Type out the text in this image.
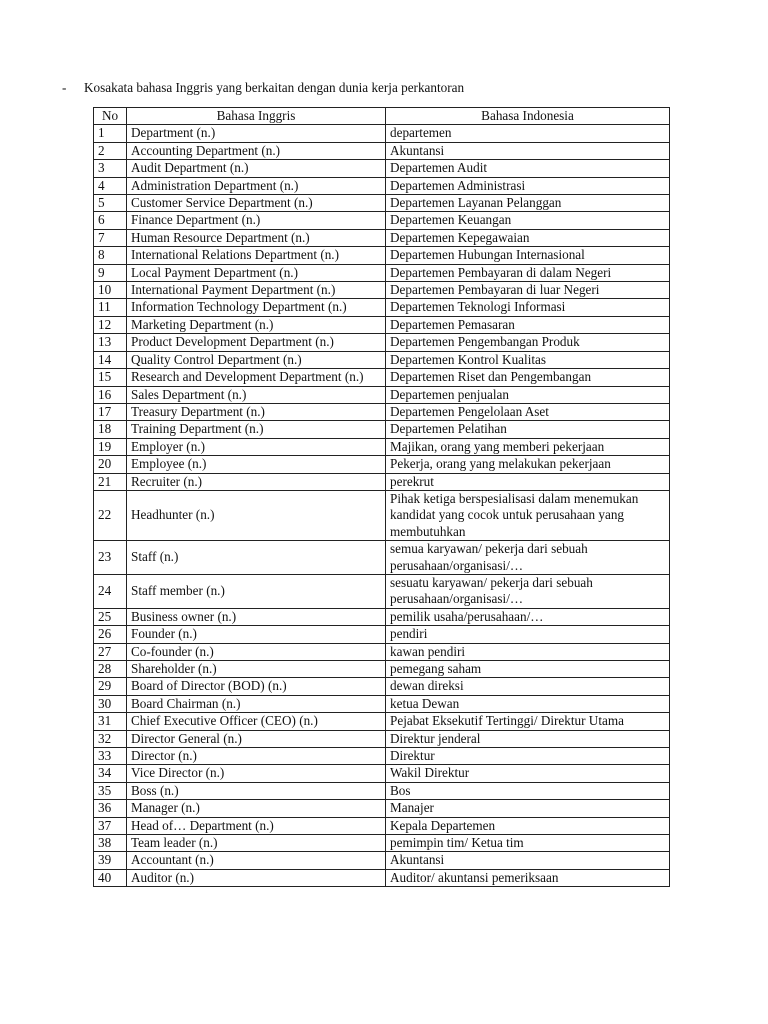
- Kosakata bahasa Inggris yang berkaitan dengan dunia kerja perkantoran
No	Bahasa Inggris	Bahasa Indonesia
1	Department (n.)	departemen
2	Accounting Department (n.)	Akuntansi
3	Audit Department (n.)	Departemen Audit
4	Administration Department (n.)	Departemen Administrasi
5	Customer Service Department (n.)	Departemen Layanan Pelanggan
6	Finance Department (n.)	Departemen Keuangan
7	Human Resource Department (n.)	Departemen Kepegawaian
8	International Relations Department (n.)	Departemen Hubungan Internasional
9	Local Payment Department (n.)	Departemen Pembayaran di dalam Negeri
10	International Payment Department (n.)	Departemen Pembayaran di luar Negeri
11	Information Technology Department (n.)	Departemen Teknologi Informasi
12	Marketing Department (n.)	Departemen Pemasaran
13	Product Development Department (n.)	Departemen Pengembangan Produk
14	Quality Control Department (n.)	Departemen Kontrol Kualitas
15	Research and Development Department (n.)	Departemen Riset dan Pengembangan
16	Sales Department (n.)	Departemen penjualan
17	Treasury Department (n.)	Departemen Pengelolaan Aset
18	Training Department (n.)	Departemen Pelatihan
19	Employer (n.)	Majikan, orang yang memberi pekerjaan
20	Employee (n.)	Pekerja, orang yang melakukan pekerjaan
21	Recruiter (n.)	perekrut
22	Headhunter (n.)	Pihak ketiga berspesialisasi dalam menemukan kandidat yang cocok untuk perusahaan yang membutuhkan
23	Staff (n.)	semua karyawan/ pekerja dari sebuah perusahaan/organisasi/…
24	Staff member (n.)	sesuatu karyawan/ pekerja dari sebuah perusahaan/organisasi/…
25	Business owner (n.)	pemilik usaha/perusahaan/…
26	Founder (n.)	pendiri
27	Co-founder (n.)	kawan pendiri
28	Shareholder (n.)	pemegang saham
29	Board of Director (BOD) (n.)	dewan direksi
30	Board Chairman (n.)	ketua Dewan
31	Chief Executive Officer (CEO) (n.)	Pejabat Eksekutif Tertinggi/ Direktur Utama
32	Director General (n.)	Direktur jenderal
33	Director (n.)	Direktur
34	Vice Director (n.)	Wakil Direktur
35	Boss (n.)	Bos
36	Manager (n.)	Manajer
37	Head of… Department (n.)	Kepala Departemen
38	Team leader (n.)	pemimpin tim/ Ketua tim
39	Accountant (n.)	Akuntansi
40	Auditor (n.)	Auditor/ akuntansi pemeriksaan
